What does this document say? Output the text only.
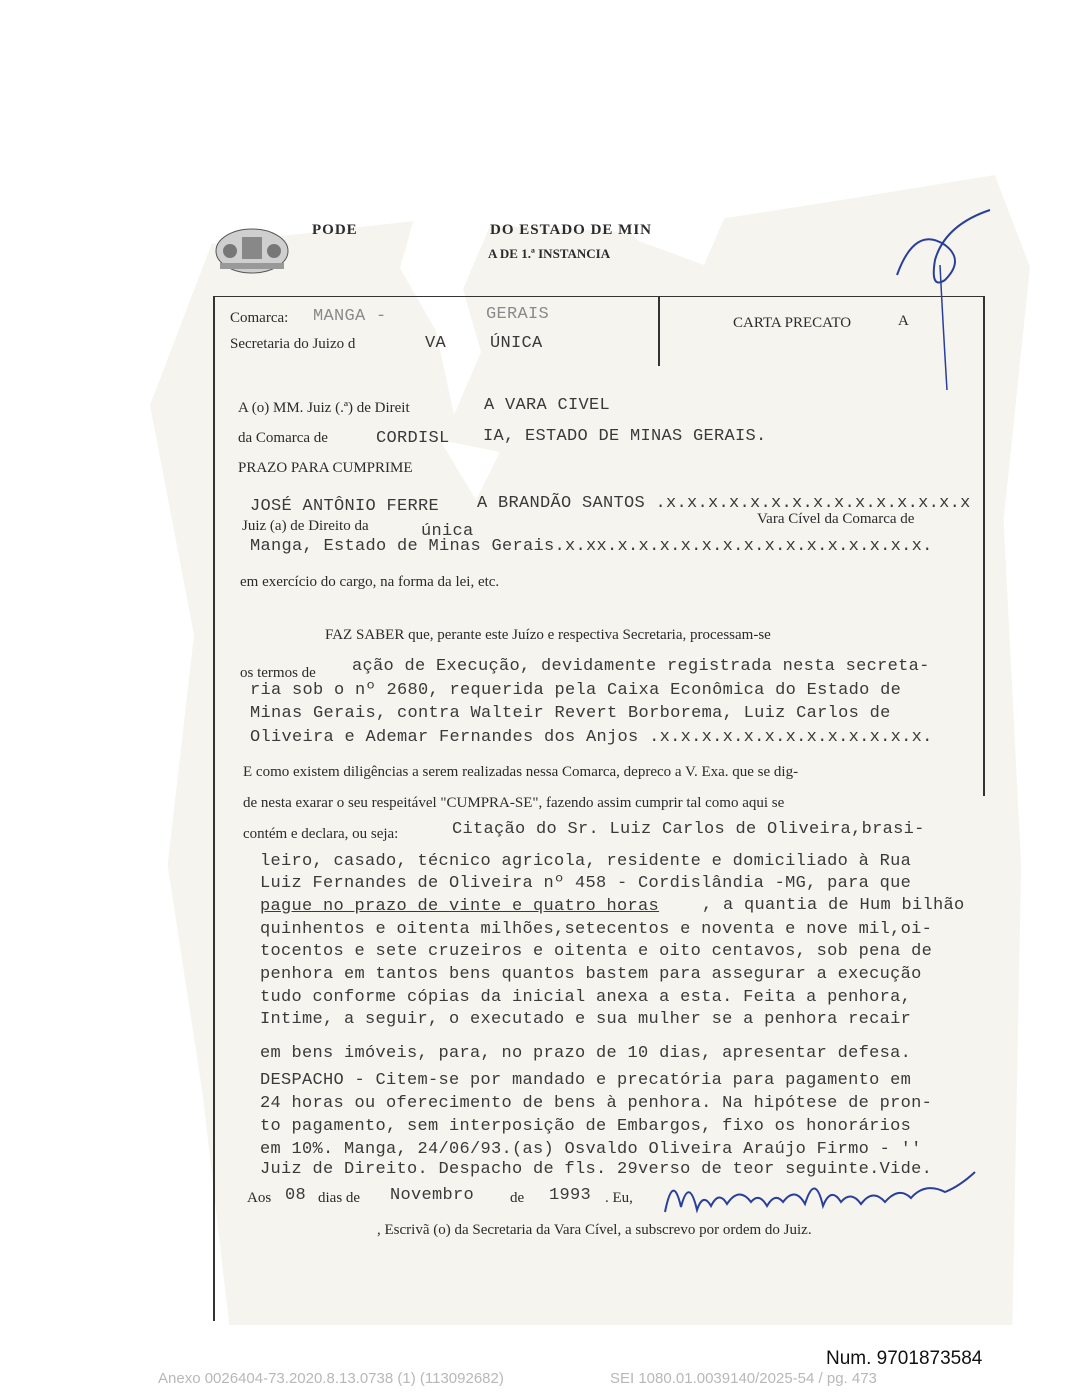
PODE	DO ESTADO DE MIN
A DE 1.ª INSTANCIA
Comarca: MANGA -	GERAIS
Secretaria do Juizo d	VA	ÚNICA
CARTA PRECATO	A
A (o) MM. Juiz (.ª) de Direit	A VARA CIVEL
da Comarca de	CORDISL IA, ESTADO DE MINAS GERAIS.
PRAZO PARA CUMPRIME
JOSÉ ANTÔNIO FERRE A BRANDÃO SANTOS .x.x.x.x.x.x.x.x.x.x.x.x.x.x.x
Juiz (a) de Direito da	única
Vara Cível da Comarca de
Manga, Estado de Minas Gerais.x.xx.x.x.x.x.x.x.x.x.x.x.x.x.x.x.x.
em exercício do cargo, na forma da lei, etc.
FAZ SABER que, perante este Juízo e respectiva Secretaria, processam-se
os termos de ação de Execução, devidamente registrada nesta secreta-
ria sob o nº 2680, requerida pela Caixa Econômica do Estado de
Minas Gerais, contra Walteir Revert Borborema, Luiz Carlos de
Oliveira e Ademar Fernandes dos Anjos .x.x.x.x.x.x.x.x.x.x.x.x.x.
E como existem diligências a serem realizadas nessa Comarca, depreco a V. Exa. que se dig-
de nesta exarar o seu respeitável "CUMPRA-SE", fazendo assim cumprir tal como aqui se
contém e declara, ou seja:	Citação do Sr. Luiz Carlos de Oliveira,brasi-
leiro, casado, técnico agricola, residente e domiciliado à Rua
Luiz Fernandes de Oliveira nº 458 - Cordislândia -MG, para que
pague no prazo de vinte e quatro horas	, a quantia de Hum bilhão
quinhentos e oitenta milhões,setecentos e noventa e nove mil,oi-
tocentos e sete cruzeiros e oitenta e oito centavos, sob pena de
penhora em tantos bens quantos bastem para assegurar a execução
tudo conforme cópias da inicial anexa a esta. Feita a penhora,
Intime, a seguir, o executado e sua mulher se a penhora recair
em bens imóveis, para, no prazo de 10 dias, apresentar defesa.
DESPACHO - Citem-se por mandado e precatória para pagamento em
24 horas ou oferecimento de bens à penhora. Na hipótese de pron-
to pagamento, sem interposição de Embargos, fixo os honorários
em 10%. Manga, 24/06/93.(as) Osvaldo Oliveira Araújo Firmo - ''
Juiz de Direito. Despacho de fls. 29verso de teor seguinte.Vide.
Aos 08 dias de Novembro de 1993 . Eu,
, Escrivã (o) da Secretaria da Vara Cível, a subscrevo por ordem do Juiz.
Num. 9701873584
Anexo 0026404-73.2020.8.13.0738 (1) (113092682)	SEI 1080.01.0039140/2025-54 / pg. 473
